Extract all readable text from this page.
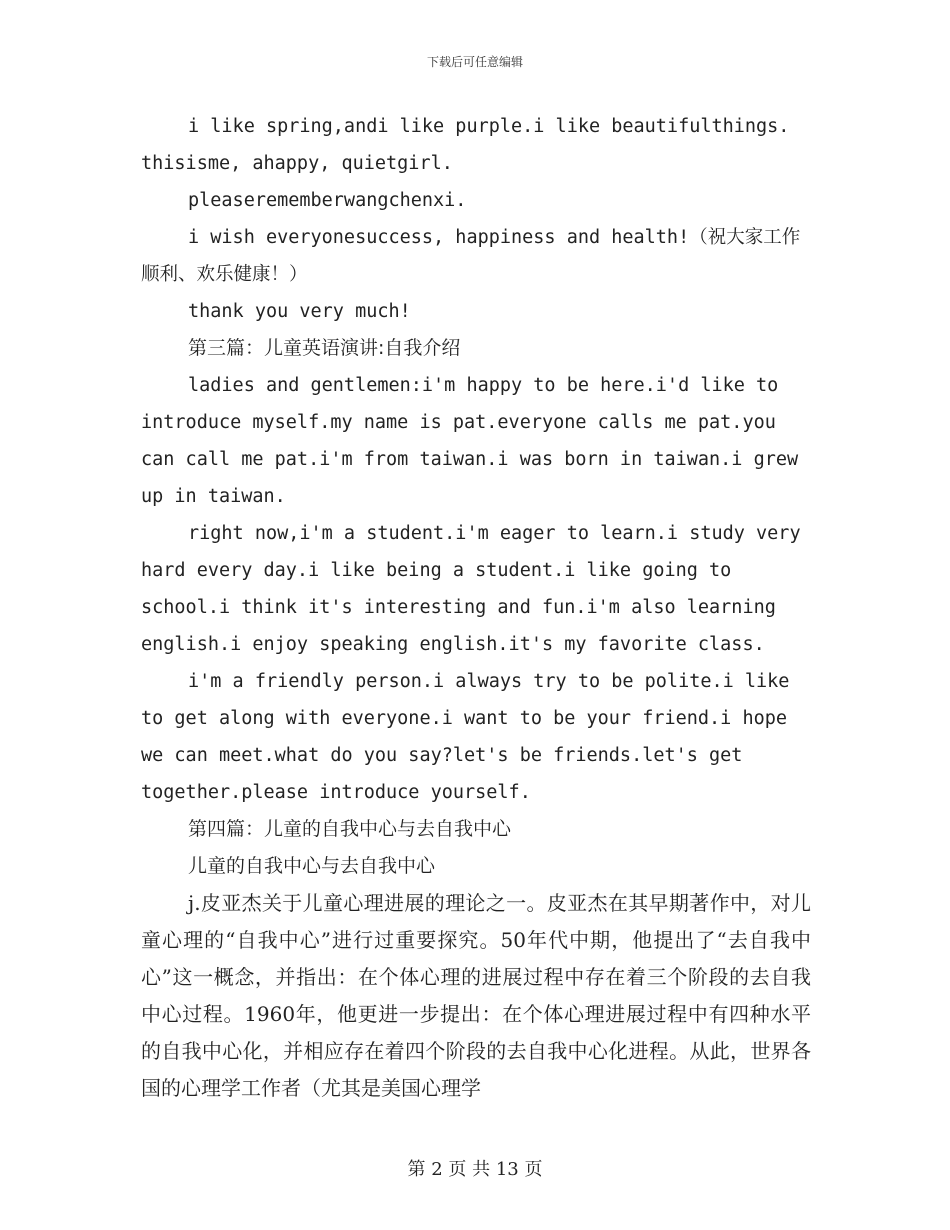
下载后可任意编辑

i like spring,andi like purple.i like beautifulthings. thisisme, ahappy, quietgirl.

pleaserememberwangchenxi.

i wish everyonesuccess, happiness and health!（祝大家工作顺利、欢乐健康！）

thank you very much!

第三篇：儿童英语演讲:自我介绍

ladies and gentlemen:i'm happy to be here.i'd like to introduce myself.my name is pat.everyone calls me pat.you can call me pat.i'm from taiwan.i was born in taiwan.i grew up in taiwan.

right now,i'm a student.i'm eager to learn.i study very hard every day.i like being a student.i like going to school.i think it's interesting and fun.i'm also learning english.i enjoy speaking english.it's my favorite class.

i'm a friendly person.i always try to be polite.i like to get along with everyone.i want to be your friend.i hope we can meet.what do you say?let's be friends.let's get together.please introduce yourself.

第四篇：儿童的自我中心与去自我中心

儿童的自我中心与去自我中心

j.皮亚杰关于儿童心理进展的理论之一。皮亚杰在其早期著作中，对儿童心理的“自我中心”进行过重要探究。50年代中期，他提出了“去自我中心”这一概念，并指出：在个体心理的进展过程中存在着三个阶段的去自我中心过程。1960年，他更进一步提出：在个体心理进展过程中有四种水平的自我中心化，并相应存在着四个阶段的去自我中心化进程。从此，世界各国的心理学工作者（尤其是美国心理学

第 2 页 共 13 页
